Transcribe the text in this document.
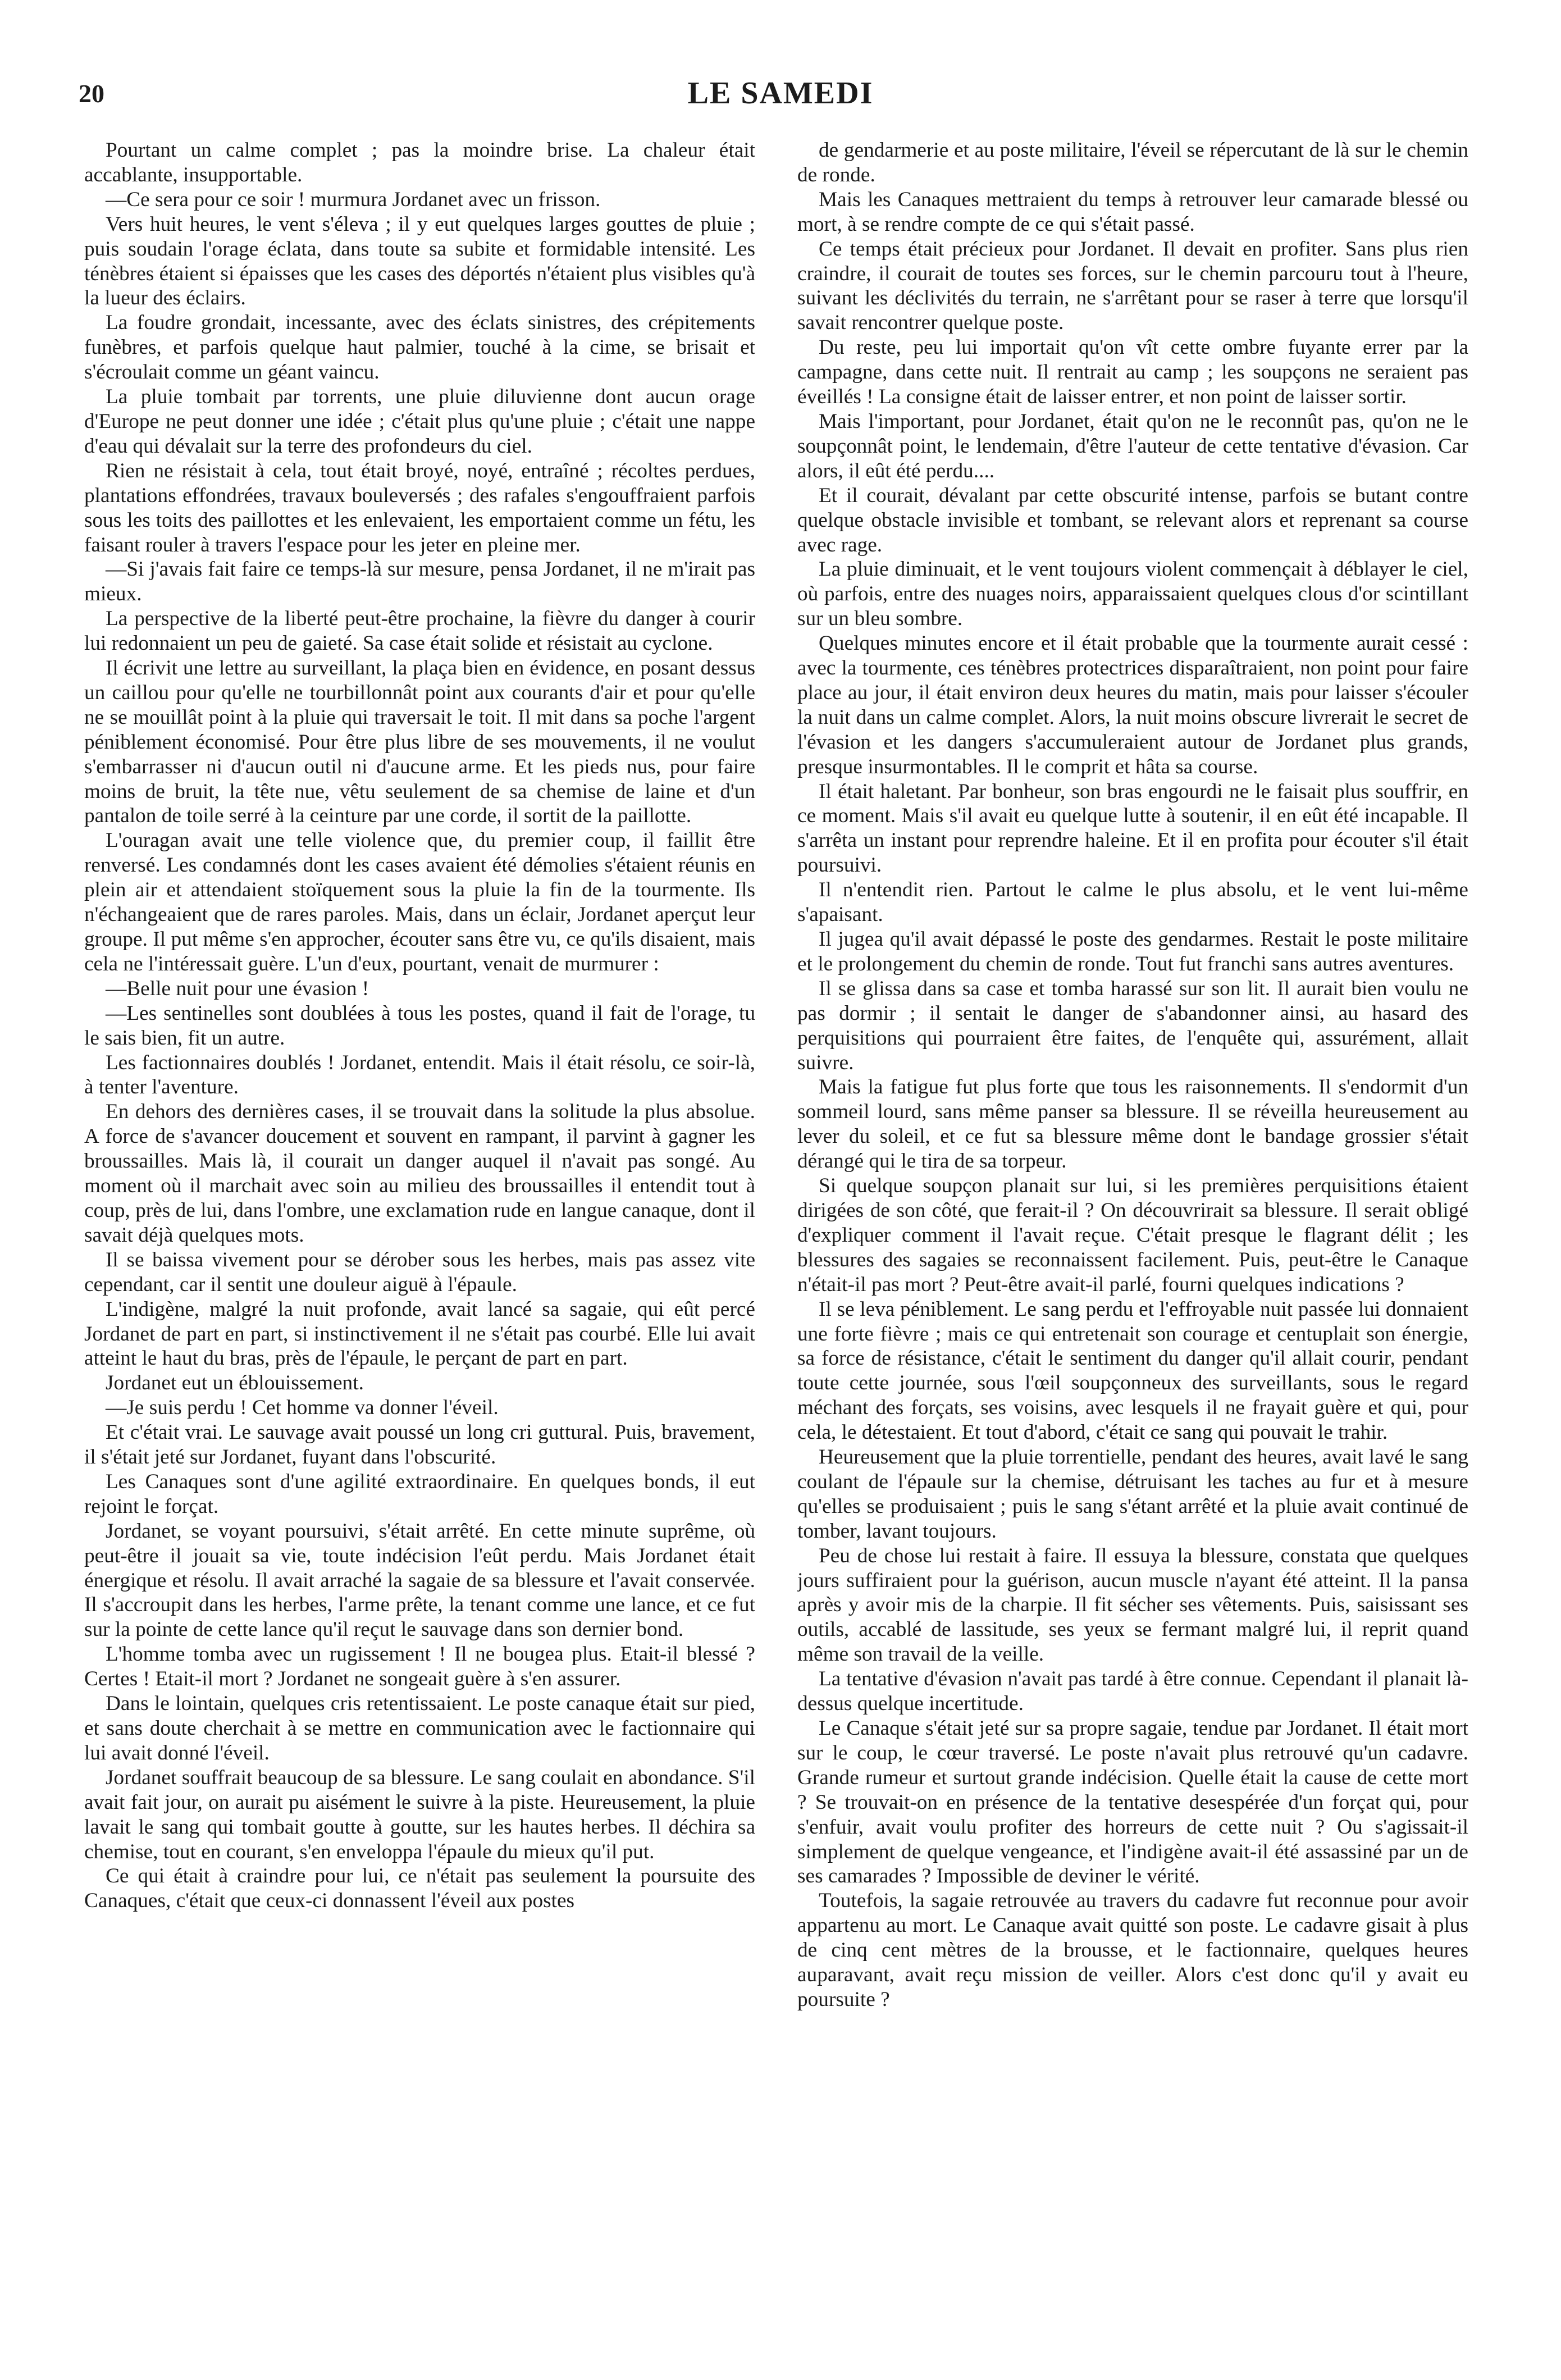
20	LE SAMEDI

Pourtant un calme complet ; pas la moindre brise. La chaleur était accablante, insupportable.

—Ce sera pour ce soir ! murmura Jordanet avec un frisson.

Vers huit heures, le vent s'éleva ; il y eut quelques larges gouttes de pluie ; puis soudain l'orage éclata, dans toute sa subite et formidable intensité. Les ténèbres étaient si épaisses que les cases des déportés n'étaient plus visibles qu'à la lueur des éclairs.

La foudre grondait, incessante, avec des éclats sinistres, des crépitements funèbres, et parfois quelque haut palmier, touché à la cime, se brisait et s'écroulait comme un géant vaincu.

La pluie tombait par torrents, une pluie diluvienne dont aucun orage d'Europe ne peut donner une idée ; c'était plus qu'une pluie ; c'était une nappe d'eau qui dévalait sur la terre des profondeurs du ciel.

Rien ne résistait à cela, tout était broyé, noyé, entraîné ; récoltes perdues, plantations effondrées, travaux bouleversés ; des rafales s'engouffraient parfois sous les toits des paillottes et les enlevaient, les emportaient comme un fétu, les faisant rouler à travers l'espace pour les jeter en pleine mer.

—Si j'avais fait faire ce temps-là sur mesure, pensa Jordanet, il ne m'irait pas mieux.

La perspective de la liberté peut-être prochaine, la fièvre du danger à courir lui redonnaient un peu de gaieté. Sa case était solide et résistait au cyclone.

Il écrivit une lettre au surveillant, la plaça bien en évidence, en posant dessus un caillou pour qu'elle ne tourbillonnât point aux courants d'air et pour qu'elle ne se mouillât point à la pluie qui traversait le toit. Il mit dans sa poche l'argent péniblement économisé. Pour être plus libre de ses mouvements, il ne voulut s'embarrasser ni d'aucun outil ni d'aucune arme. Et les pieds nus, pour faire moins de bruit, la tête nue, vêtu seulement de sa chemise de laine et d'un pantalon de toile serré à la ceinture par une corde, il sortit de la paillotte.

L'ouragan avait une telle violence que, du premier coup, il faillit être renversé. Les condamnés dont les cases avaient été démolies s'étaient réunis en plein air et attendaient stoïquement sous la pluie la fin de la tourmente. Ils n'échangeaient que de rares paroles. Mais, dans un éclair, Jordanet aperçut leur groupe. Il put même s'en approcher, écouter sans être vu, ce qu'ils disaient, mais cela ne l'intéressait guère. L'un d'eux, pourtant, venait de murmurer :

—Belle nuit pour une évasion !

—Les sentinelles sont doublées à tous les postes, quand il fait de l'orage, tu le sais bien, fit un autre.

Les factionnaires doublés ! Jordanet, entendit. Mais il était résolu, ce soir-là, à tenter l'aventure.

En dehors des dernières cases, il se trouvait dans la solitude la plus absolue. A force de s'avancer doucement et souvent en rampant, il parvint à gagner les broussailles. Mais là, il courait un danger auquel il n'avait pas songé. Au moment où il marchait avec soin au milieu des broussailles il entendit tout à coup, près de lui, dans l'ombre, une exclamation rude en langue canaque, dont il savait déjà quelques mots.

Il se baissa vivement pour se dérober sous les herbes, mais pas assez vite cependant, car il sentit une douleur aiguë à l'épaule.

L'indigène, malgré la nuit profonde, avait lancé sa sagaie, qui eût percé Jordanet de part en part, si instinctivement il ne s'était pas courbé. Elle lui avait atteint le haut du bras, près de l'épaule, le perçant de part en part.

Jordanet eut un éblouissement.

—Je suis perdu ! Cet homme va donner l'éveil.

Et c'était vrai. Le sauvage avait poussé un long cri guttural. Puis, bravement, il s'était jeté sur Jordanet, fuyant dans l'obscurité.

Les Canaques sont d'une agilité extraordinaire. En quelques bonds, il eut rejoint le forçat.

Jordanet, se voyant poursuivi, s'était arrêté. En cette minute suprême, où peut-être il jouait sa vie, toute indécision l'eût perdu. Mais Jordanet était énergique et résolu. Il avait arraché la sagaie de sa blessure et l'avait conservée. Il s'accroupit dans les herbes, l'arme prête, la tenant comme une lance, et ce fut sur la pointe de cette lance qu'il reçut le sauvage dans son dernier bond.

L'homme tomba avec un rugissement ! Il ne bougea plus. Etait-il blessé ? Certes ! Etait-il mort ? Jordanet ne songeait guère à s'en assurer.

Dans le lointain, quelques cris retentissaient. Le poste canaque était sur pied, et sans doute cherchait à se mettre en communication avec le factionnaire qui lui avait donné l'éveil.

Jordanet souffrait beaucoup de sa blessure. Le sang coulait en abondance. S'il avait fait jour, on aurait pu aisément le suivre à la piste. Heureusement, la pluie lavait le sang qui tombait goutte à goutte, sur les hautes herbes. Il déchira sa chemise, tout en courant, s'en enveloppa l'épaule du mieux qu'il put.

Ce qui était à craindre pour lui, ce n'était pas seulement la poursuite des Canaques, c'était que ceux-ci donnassent l'éveil aux postes

de gendarmerie et au poste militaire, l'éveil se répercutant de là sur le chemin de ronde.

Mais les Canaques mettraient du temps à retrouver leur camarade blessé ou mort, à se rendre compte de ce qui s'était passé.

Ce temps était précieux pour Jordanet. Il devait en profiter. Sans plus rien craindre, il courait de toutes ses forces, sur le chemin parcouru tout à l'heure, suivant les déclivités du terrain, ne s'arrêtant pour se raser à terre que lorsqu'il savait rencontrer quelque poste.

Du reste, peu lui importait qu'on vît cette ombre fuyante errer par la campagne, dans cette nuit. Il rentrait au camp ; les soupçons ne seraient pas éveillés ! La consigne était de laisser entrer, et non point de laisser sortir.

Mais l'important, pour Jordanet, était qu'on ne le reconnût pas, qu'on ne le soupçonnât point, le lendemain, d'être l'auteur de cette tentative d'évasion. Car alors, il eût été perdu....

Et il courait, dévalant par cette obscurité intense, parfois se butant contre quelque obstacle invisible et tombant, se relevant alors et reprenant sa course avec rage.

La pluie diminuait, et le vent toujours violent commençait à déblayer le ciel, où parfois, entre des nuages noirs, apparaissaient quelques clous d'or scintillant sur un bleu sombre.

Quelques minutes encore et il était probable que la tourmente aurait cessé : avec la tourmente, ces ténèbres protectrices disparaîtraient, non point pour faire place au jour, il était environ deux heures du matin, mais pour laisser s'écouler la nuit dans un calme complet. Alors, la nuit moins obscure livrerait le secret de l'évasion et les dangers s'accumuleraient autour de Jordanet plus grands, presque insurmontables. Il le comprit et hâta sa course.

Il était haletant. Par bonheur, son bras engourdi ne le faisait plus souffrir, en ce moment. Mais s'il avait eu quelque lutte à soutenir, il en eût été incapable. Il s'arrêta un instant pour reprendre haleine. Et il en profita pour écouter s'il était poursuivi.

Il n'entendit rien. Partout le calme le plus absolu, et le vent lui-même s'apaisant.

Il jugea qu'il avait dépassé le poste des gendarmes. Restait le poste militaire et le prolongement du chemin de ronde. Tout fut franchi sans autres aventures.

Il se glissa dans sa case et tomba harassé sur son lit. Il aurait bien voulu ne pas dormir ; il sentait le danger de s'abandonner ainsi, au hasard des perquisitions qui pourraient être faites, de l'enquête qui, assurément, allait suivre.

Mais la fatigue fut plus forte que tous les raisonnements. Il s'endormit d'un sommeil lourd, sans même panser sa blessure. Il se réveilla heureusement au lever du soleil, et ce fut sa blessure même dont le bandage grossier s'était dérangé qui le tira de sa torpeur.

Si quelque soupçon planait sur lui, si les premières perquisitions étaient dirigées de son côté, que ferait-il ? On découvrirait sa blessure. Il serait obligé d'expliquer comment il l'avait reçue. C'était presque le flagrant délit ; les blessures des sagaies se reconnaissent facilement. Puis, peut-être le Canaque n'était-il pas mort ? Peut-être avait-il parlé, fourni quelques indications ?

Il se leva péniblement. Le sang perdu et l'effroyable nuit passée lui donnaient une forte fièvre ; mais ce qui entretenait son courage et centuplait son énergie, sa force de résistance, c'était le sentiment du danger qu'il allait courir, pendant toute cette journée, sous l'œil soupçonneux des surveillants, sous le regard méchant des forçats, ses voisins, avec lesquels il ne frayait guère et qui, pour cela, le détestaient. Et tout d'abord, c'était ce sang qui pouvait le trahir.

Heureusement que la pluie torrentielle, pendant des heures, avait lavé le sang coulant de l'épaule sur la chemise, détruisant les taches au fur et à mesure qu'elles se produisaient ; puis le sang s'étant arrêté et la pluie avait continué de tomber, lavant toujours.

Peu de chose lui restait à faire. Il essuya la blessure, constata que quelques jours suffiraient pour la guérison, aucun muscle n'ayant été atteint. Il la pansa après y avoir mis de la charpie. Il fit sécher ses vêtements. Puis, saisissant ses outils, accablé de lassitude, ses yeux se fermant malgré lui, il reprit quand même son travail de la veille.

La tentative d'évasion n'avait pas tardé à être connue. Cependant il planait là-dessus quelque incertitude.

Le Canaque s'était jeté sur sa propre sagaie, tendue par Jordanet. Il était mort sur le coup, le cœur traversé. Le poste n'avait plus retrouvé qu'un cadavre. Grande rumeur et surtout grande indécision. Quelle était la cause de cette mort ? Se trouvait-on en présence de la tentative desespérée d'un forçat qui, pour s'enfuir, avait voulu profiter des horreurs de cette nuit ? Ou s'agissait-il simplement de quelque vengeance, et l'indigène avait-il été assassiné par un de ses camarades ? Impossible de deviner le vérité.

Toutefois, la sagaie retrouvée au travers du cadavre fut reconnue pour avoir appartenu au mort. Le Canaque avait quitté son poste. Le cadavre gisait à plus de cinq cent mètres de la brousse, et le factionnaire, quelques heures auparavant, avait reçu mission de veiller. Alors c'est donc qu'il y avait eu poursuite ?
